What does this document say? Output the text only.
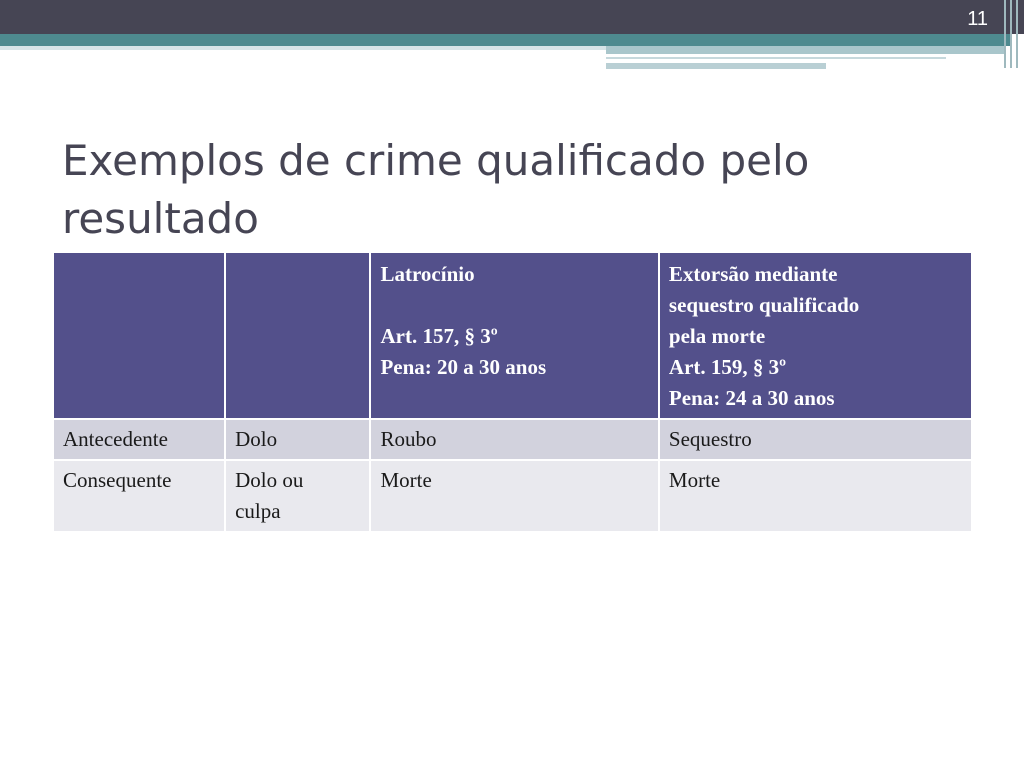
11
Exemplos de crime qualificado pelo
resultado

		Latrocínio
Art. 157, § 3º
Pena: 20 a 30 anos	Extorsão mediante
sequestro qualificado
pela morte
Art. 159, § 3º
Pena: 24 a 30 anos

Antecedente	Dolo	Roubo	Sequestro
Consequente	Dolo ou
culpa	Morte	Morte
